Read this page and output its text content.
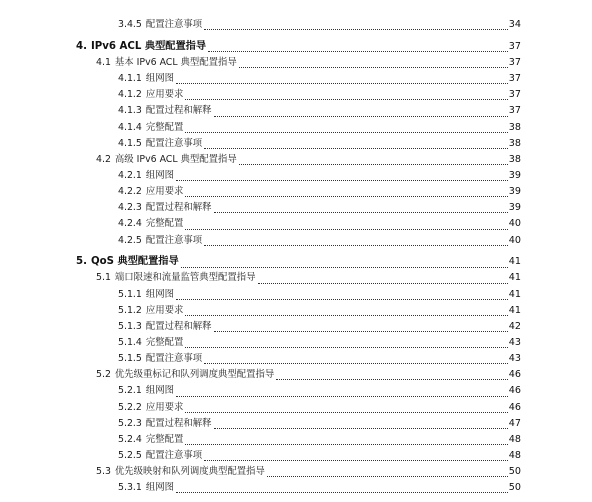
3.4.5 配置注意事项	34
4. IPv6 ACL 典型配置指导	37
4.1 基本 IPv6 ACL 典型配置指导	37
4.1.1 组网图	37
4.1.2 应用要求	37
4.1.3 配置过程和解释	37
4.1.4 完整配置	38
4.1.5 配置注意事项	38
4.2 高级 IPv6 ACL 典型配置指导	38
4.2.1 组网图	39
4.2.2 应用要求	39
4.2.3 配置过程和解释	39
4.2.4 完整配置	40
4.2.5 配置注意事项	40
5. QoS 典型配置指导	41
5.1 端口限速和流量监管典型配置指导	41
5.1.1 组网图	41
5.1.2 应用要求	41
5.1.3 配置过程和解释	42
5.1.4 完整配置	43
5.1.5 配置注意事项	43
5.2 优先级重标记和队列调度典型配置指导	46
5.2.1 组网图	46
5.2.2 应用要求	46
5.2.3 配置过程和解释	47
5.2.4 完整配置	48
5.2.5 配置注意事项	48
5.3 优先级映射和队列调度典型配置指导	50
5.3.1 组网图	50
